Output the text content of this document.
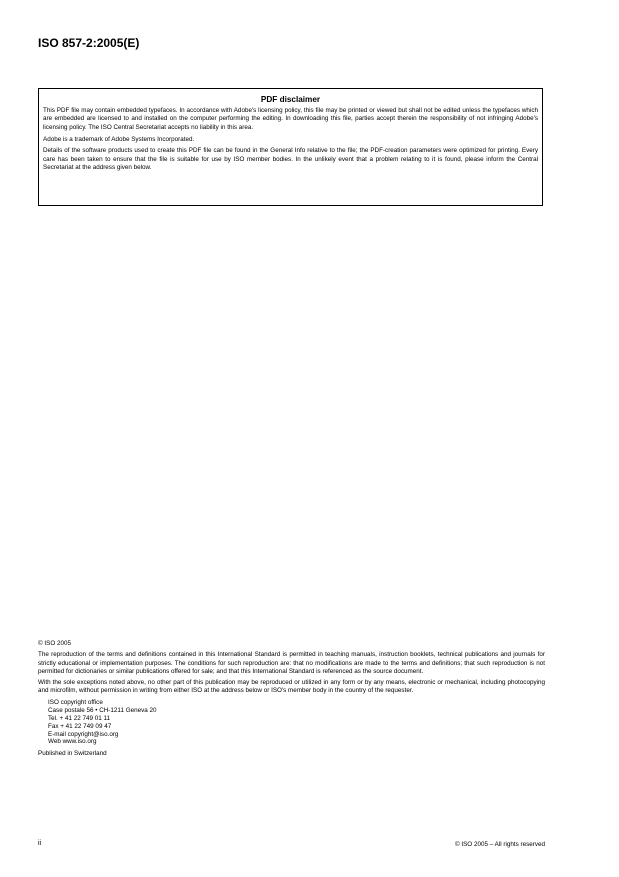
ISO 857-2:2005(E)
PDF disclaimer

This PDF file may contain embedded typefaces. In accordance with Adobe's licensing policy, this file may be printed or viewed but shall not be edited unless the typefaces which are embedded are licensed to and installed on the computer performing the editing. In downloading this file, parties accept therein the responsibility of not infringing Adobe's licensing policy. The ISO Central Secretariat accepts no liability in this area.

Adobe is a trademark of Adobe Systems Incorporated.

Details of the software products used to create this PDF file can be found in the General Info relative to the file; the PDF-creation parameters were optimized for printing. Every care has been taken to ensure that the file is suitable for use by ISO member bodies. In the unlikely event that a problem relating to it is found, please inform the Central Secretariat at the address given below.

© ISO 2005

The reproduction of the terms and definitions contained in this International Standard is permitted in teaching manuals, instruction booklets, technical publications and journals for strictly educational or implementation purposes. The conditions for such reproduction are: that no modifications are made to the terms and definitions; that such reproduction is not permitted for dictionaries or similar publications offered for sale; and that this International Standard is referenced as the source document.

With the sole exceptions noted above, no other part of this publication may be reproduced or utilized in any form or by any means, electronic or mechanical, including photocopying and microfilm, without permission in writing from either ISO at the address below or ISO's member body in the country of the requester.

ISO copyright office
Case postale 56 • CH-1211 Geneva 20
Tel. + 41 22 749 01 11
Fax + 41 22 749 09 47
E-mail copyright@iso.org
Web www.iso.org

Published in Switzerland

ii	© ISO 2005 – All rights reserved
